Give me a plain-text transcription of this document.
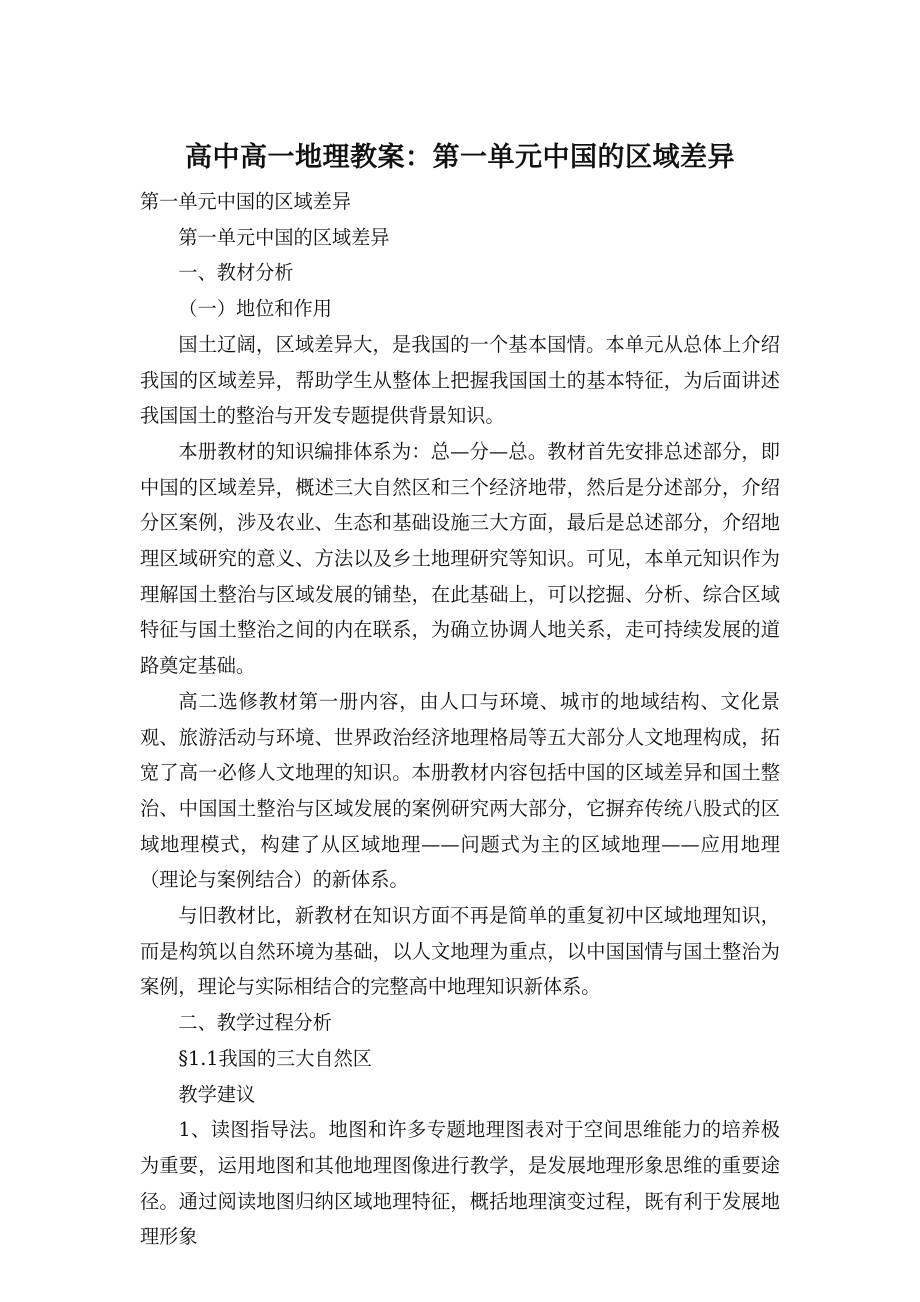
高中高一地理教案：第一单元中国的区域差异

第一单元中国的区域差异

第一单元中国的区域差异

一、教材分析

（一）地位和作用

国土辽阔，区域差异大，是我国的一个基本国情。本单元从总体上介绍我国的区域差异，帮助学生从整体上把握我国国土的基本特征，为后面讲述我国国土的整治与开发专题提供背景知识。

本册教材的知识编排体系为：总—分—总。教材首先安排总述部分，即中国的区域差异，概述三大自然区和三个经济地带，然后是分述部分，介绍分区案例，涉及农业、生态和基础设施三大方面，最后是总述部分，介绍地理区域研究的意义、方法以及乡土地理研究等知识。可见，本单元知识作为理解国土整治与区域发展的铺垫，在此基础上，可以挖掘、分析、综合区域特征与国土整治之间的内在联系，为确立协调人地关系，走可持续发展的道路奠定基础。

高二选修教材第一册内容，由人口与环境、城市的地域结构、文化景观、旅游活动与环境、世界政治经济地理格局等五大部分人文地理构成，拓宽了高一必修人文地理的知识。本册教材内容包括中国的区域差异和国土整治、中国国土整治与区域发展的案例研究两大部分，它摒弃传统八股式的区域地理模式，构建了从区域地理——问题式为主的区域地理——应用地理（理论与案例结合）的新体系。

与旧教材比，新教材在知识方面不再是简单的重复初中区域地理知识，而是构筑以自然环境为基础，以人文地理为重点，以中国国情与国土整治为案例，理论与实际相结合的完整高中地理知识新体系。

二、教学过程分析

§1.1我国的三大自然区

教学建议

1、读图指导法。地图和许多专题地理图表对于空间思维能力的培养极为重要，运用地图和其他地理图像进行教学，是发展地理形象思维的重要途径。通过阅读地图归纳区域地理特征，概括地理演变过程，既有利于发展地理形象
